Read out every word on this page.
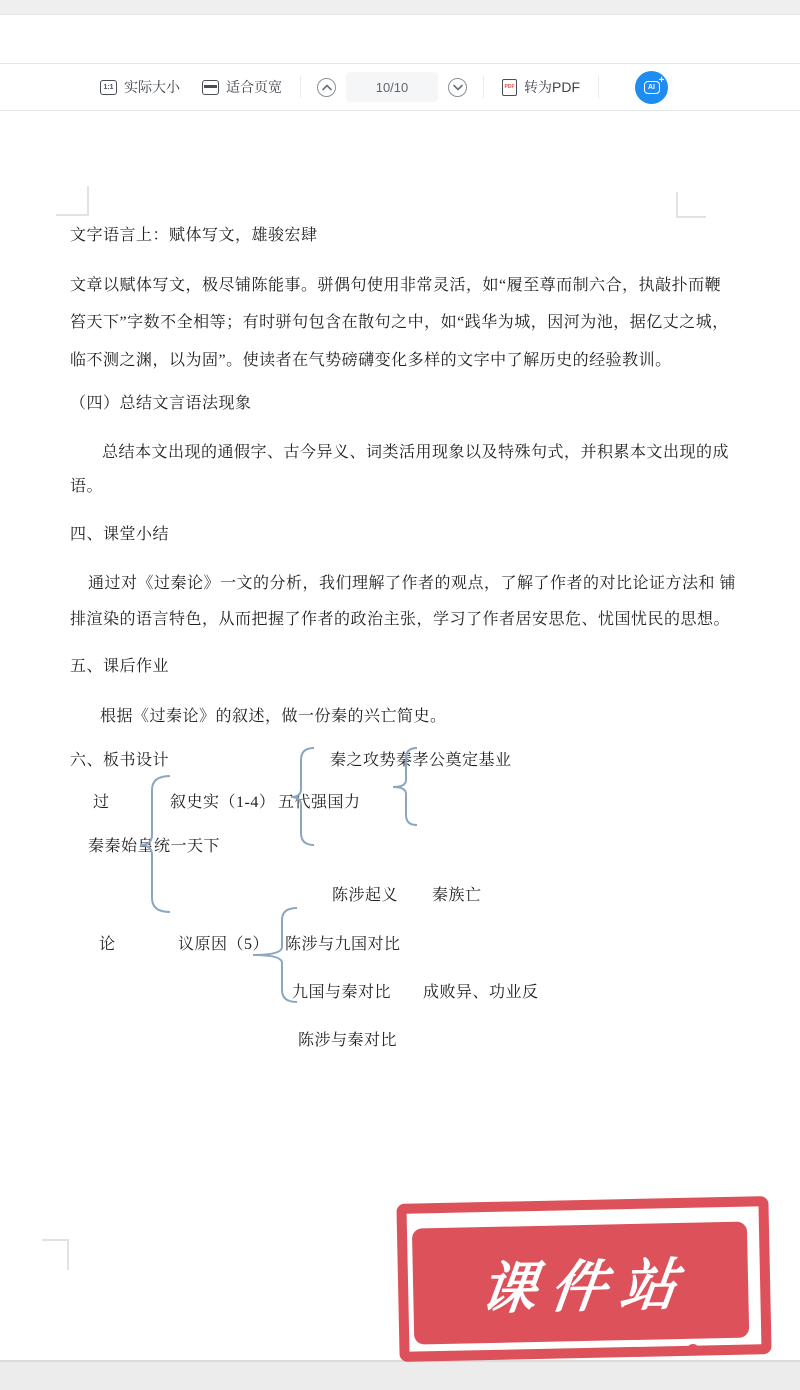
1:1 实际大小	适合页宽	10/10	PDF 转为PDF	AI
+
文字语言上：赋体写文，雄骏宏肆
文章以赋体写文，极尽铺陈能事。骈偶句使用非常灵活，如“履至尊而制六合，执敲扑而鞭
笞天下”字数不全相等；有时骈句包含在散句之中，如“践华为城，因河为池，据亿丈之城，
临不测之渊，以为固”。使读者在气势磅礴变化多样的文字中了解历史的经验教训。
（四）总结文言语法现象
总结本文出现的通假字、古今异义、词类活用现象以及特殊句式，并积累本文出现的成
语。
四、课堂小结
通过对《过秦论》一文的分析，我们理解了作者的观点，了解了作者的对比论证方法和 铺
排渲染的语言特色，从而把握了作者的政治主张，学习了作者居安思危、忧国忧民的思想。
五、课后作业
根据《过秦论》的叙述，做一份秦的兴亡简史。
六、板书设计	秦之攻势秦孝公奠定基业
过	叙史实（1-4） 五代强国力
秦秦始皇统一天下
陈涉起义 秦族亡
论	议原因（5） 陈涉与九国对比
九国与秦对比 成败异、功业反
陈涉与秦对比
课件站
